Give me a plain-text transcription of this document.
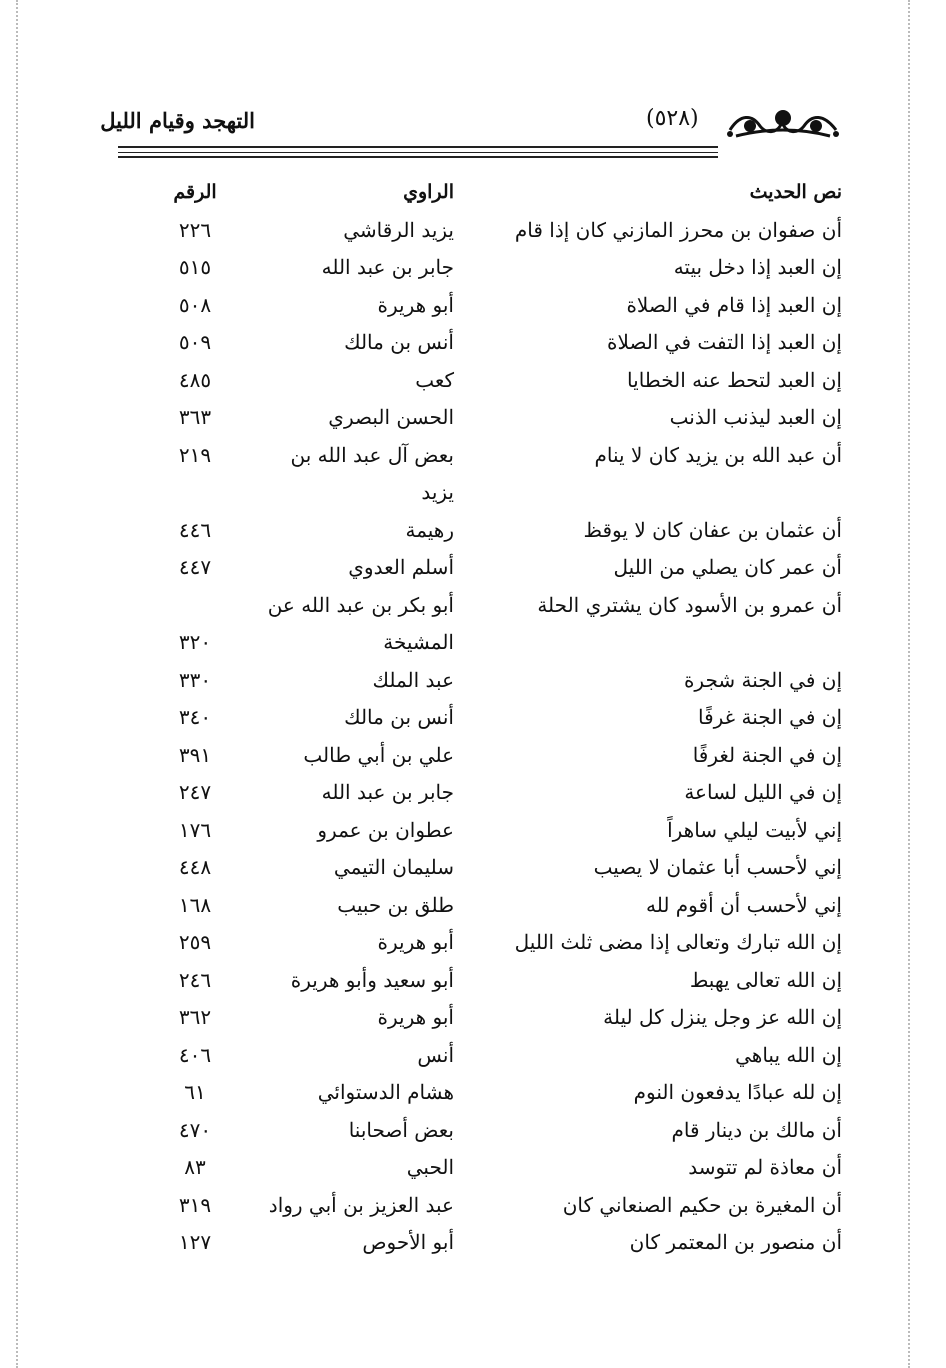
التهجد وقيام الليل	(٥٢٨)
نص الحديث
الراوي
الرقم
أن صفوان بن محرز المازني كان إذا قام
يزيد الرقاشي
٢٢٦
إن العبد إذا دخل بيته
جابر بن عبد الله
٥١٥
إن العبد إذا قام في الصلاة
أبو هريرة
٥٠٨
إن العبد إذا التفت في الصلاة
أنس بن مالك
٥٠٩
إن العبد لتحط عنه الخطايا
كعب
٤٨٥
إن العبد ليذنب الذنب
الحسن البصري
٣٦٣
أن عبد الله بن يزيد كان لا ينام
بعض آل عبد الله بن
٢١٩
يزيد
أن عثمان بن عفان كان لا يوقظ
رهيمة
٤٤٦
أن عمر كان يصلي من الليل
أسلم العدوي
٤٤٧
أن عمرو بن الأسود كان يشتري الحلة
أبو بكر بن عبد الله عن
المشيخة
٣٢٠
إن في الجنة شجرة
عبد الملك
٣٣٠
إن في الجنة غرفًا
أنس بن مالك
٣٤٠
إن في الجنة لغرفًا
علي بن أبي طالب
٣٩١
إن في الليل لساعة
جابر بن عبد الله
٢٤٧
إني لأبيت ليلي ساهراً
عطوان بن عمرو
١٧٦
إني لأحسب أبا عثمان لا يصيب
سليمان التيمي
٤٤٨
إني لأحسب أن أقوم لله
طلق بن حبيب
١٦٨
إن الله تبارك وتعالى إذا مضى ثلث الليل
أبو هريرة
٢٥٩
إن الله تعالى يهبط
أبو سعيد وأبو هريرة
٢٤٦
إن الله عز وجل ينزل كل ليلة
أبو هريرة
٣٦٢
إن الله يباهي
أنس
٤٠٦
إن لله عبادًا يدفعون النوم
هشام الدستوائي
٦١
أن مالك بن دينار قام
بعض أصحابنا
٤٧٠
أن معاذة لم تتوسد
الحبي
٨٣
أن المغيرة بن حكيم الصنعاني كان
عبد العزيز بن أبي رواد
٣١٩
أن منصور بن المعتمر كان
أبو الأحوص
١٢٧
